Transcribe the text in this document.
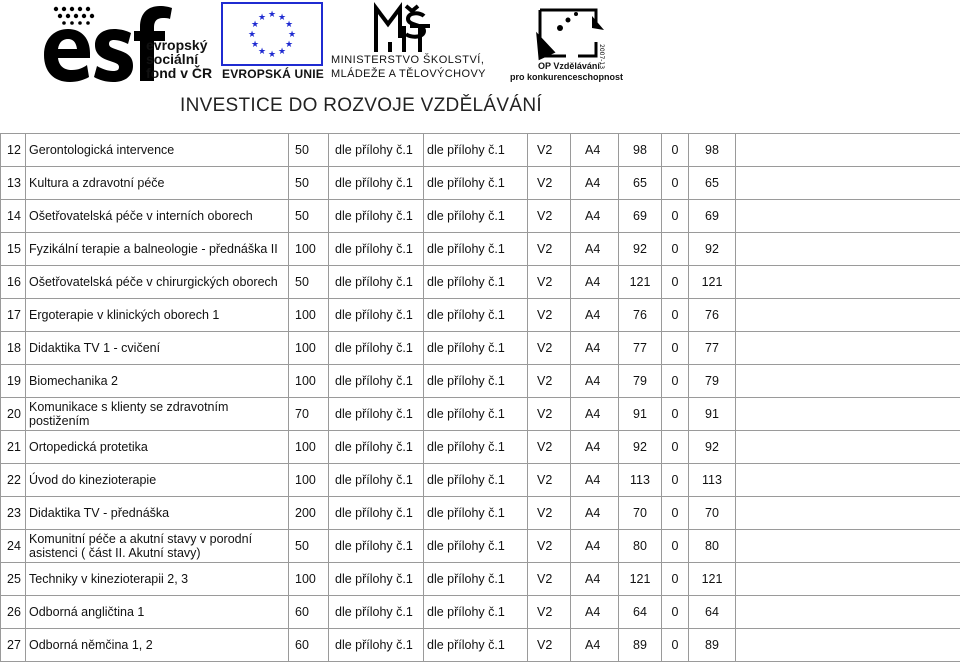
evropský
sociální
fond v ČR
★ ★
★
★
★
★
★
★
★
★
★
★
EVROPSKÁ UNIE
MINISTERSTVO ŠKOLSTVÍ,
MLÁDEŽE A TĚLOVÝCHOVY
2007-13
OP Vzdělávání
pro konkurenceschopnost
INVESTICE DO ROZVOJE VZDĚLÁVÁNÍ
12	Gerontologická intervence	50	dle přílohy č.1	dle přílohy č.1	V2	A4	98	0	98	
13	Kultura a zdravotní péče	50	dle přílohy č.1	dle přílohy č.1	V2	A4	65	0	65	
14	Ošetřovatelská péče v interních oborech	50	dle přílohy č.1	dle přílohy č.1	V2	A4	69	0	69	
15	Fyzikální terapie a balneologie - přednáška II	100	dle přílohy č.1	dle přílohy č.1	V2	A4	92	0	92	
16	Ošetřovatelská péče v chirurgických oborech	50	dle přílohy č.1	dle přílohy č.1	V2	A4	121	0	121	
17	Ergoterapie v klinických oborech 1	100	dle přílohy č.1	dle přílohy č.1	V2	A4	76	0	76	
18	Didaktika TV 1 - cvičení	100	dle přílohy č.1	dle přílohy č.1	V2	A4	77	0	77	
19	Biomechanika 2	100	dle přílohy č.1	dle přílohy č.1	V2	A4	79	0	79	
20	Komunikace s klienty se zdravotním postižením	70	dle přílohy č.1	dle přílohy č.1	V2	A4	91	0	91	
21	Ortopedická protetika	100	dle přílohy č.1	dle přílohy č.1	V2	A4	92	0	92	
22	Úvod do kinezioterapie	100	dle přílohy č.1	dle přílohy č.1	V2	A4	113	0	113	
23	Didaktika TV - přednáška	200	dle přílohy č.1	dle přílohy č.1	V2	A4	70	0	70	
24	Komunitní péče a akutní stavy v porodní asistenci ( část II. Akutní stavy)	50	dle přílohy č.1	dle přílohy č.1	V2	A4	80	0	80	
25	Techniky v kinezioterapii 2, 3	100	dle přílohy č.1	dle přílohy č.1	V2	A4	121	0	121	
26	Odborná angličtina 1	60	dle přílohy č.1	dle přílohy č.1	V2	A4	64	0	64	
27	Odborná němčina 1, 2	60	dle přílohy č.1	dle přílohy č.1	V2	A4	89	0	89	
